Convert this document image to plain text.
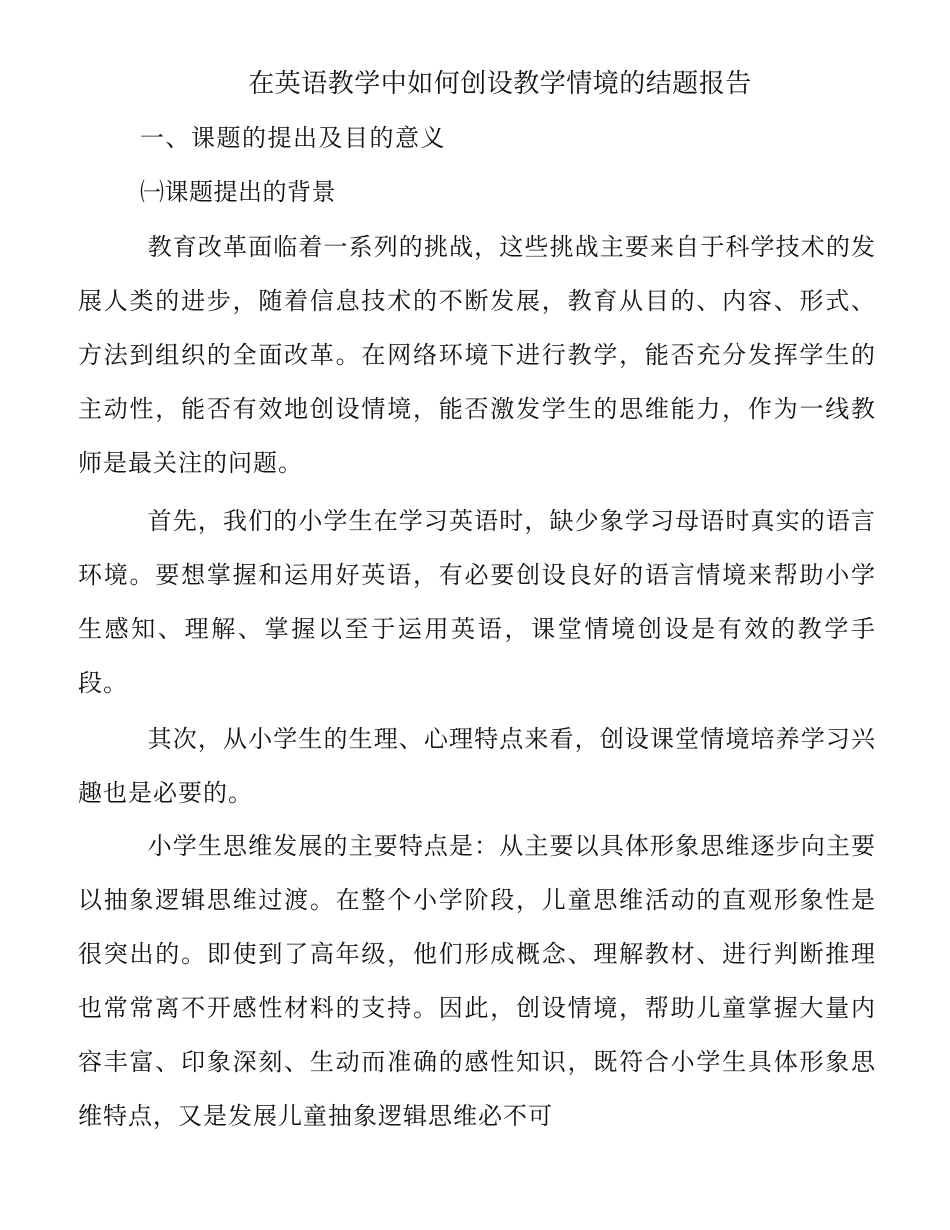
在英语教学中如何创设教学情境的结题报告
一、课题的提出及目的意义
㈠课题提出的背景

教育改革面临着一系列的挑战，这些挑战主要来自于科学技术的发展人类的进步，随着信息技术的不断发展，教育从目的、内容、形式、方法到组织的全面改革。在网络环境下进行教学，能否充分发挥学生的主动性，能否有效地创设情境，能否激发学生的思维能力，作为一线教师是最关注的问题。

首先，我们的小学生在学习英语时，缺少象学习母语时真实的语言环境。要想掌握和运用好英语，有必要创设良好的语言情境来帮助小学生感知、理解、掌握以至于运用英语，课堂情境创设是有效的教学手段。

其次，从小学生的生理、心理特点来看，创设课堂情境培养学习兴趣也是必要的。

小学生思维发展的主要特点是：从主要以具体形象思维逐步向主要以抽象逻辑思维过渡。在整个小学阶段，儿童思维活动的直观形象性是很突出的。即使到了高年级，他们形成概念、理解教材、进行判断推理也常常离不开感性材料的支持。因此，创设情境，帮助儿童掌握大量内容丰富、印象深刻、生动而准确的感性知识，既符合小学生具体形象思维特点，又是发展儿童抽象逻辑思维必不可
